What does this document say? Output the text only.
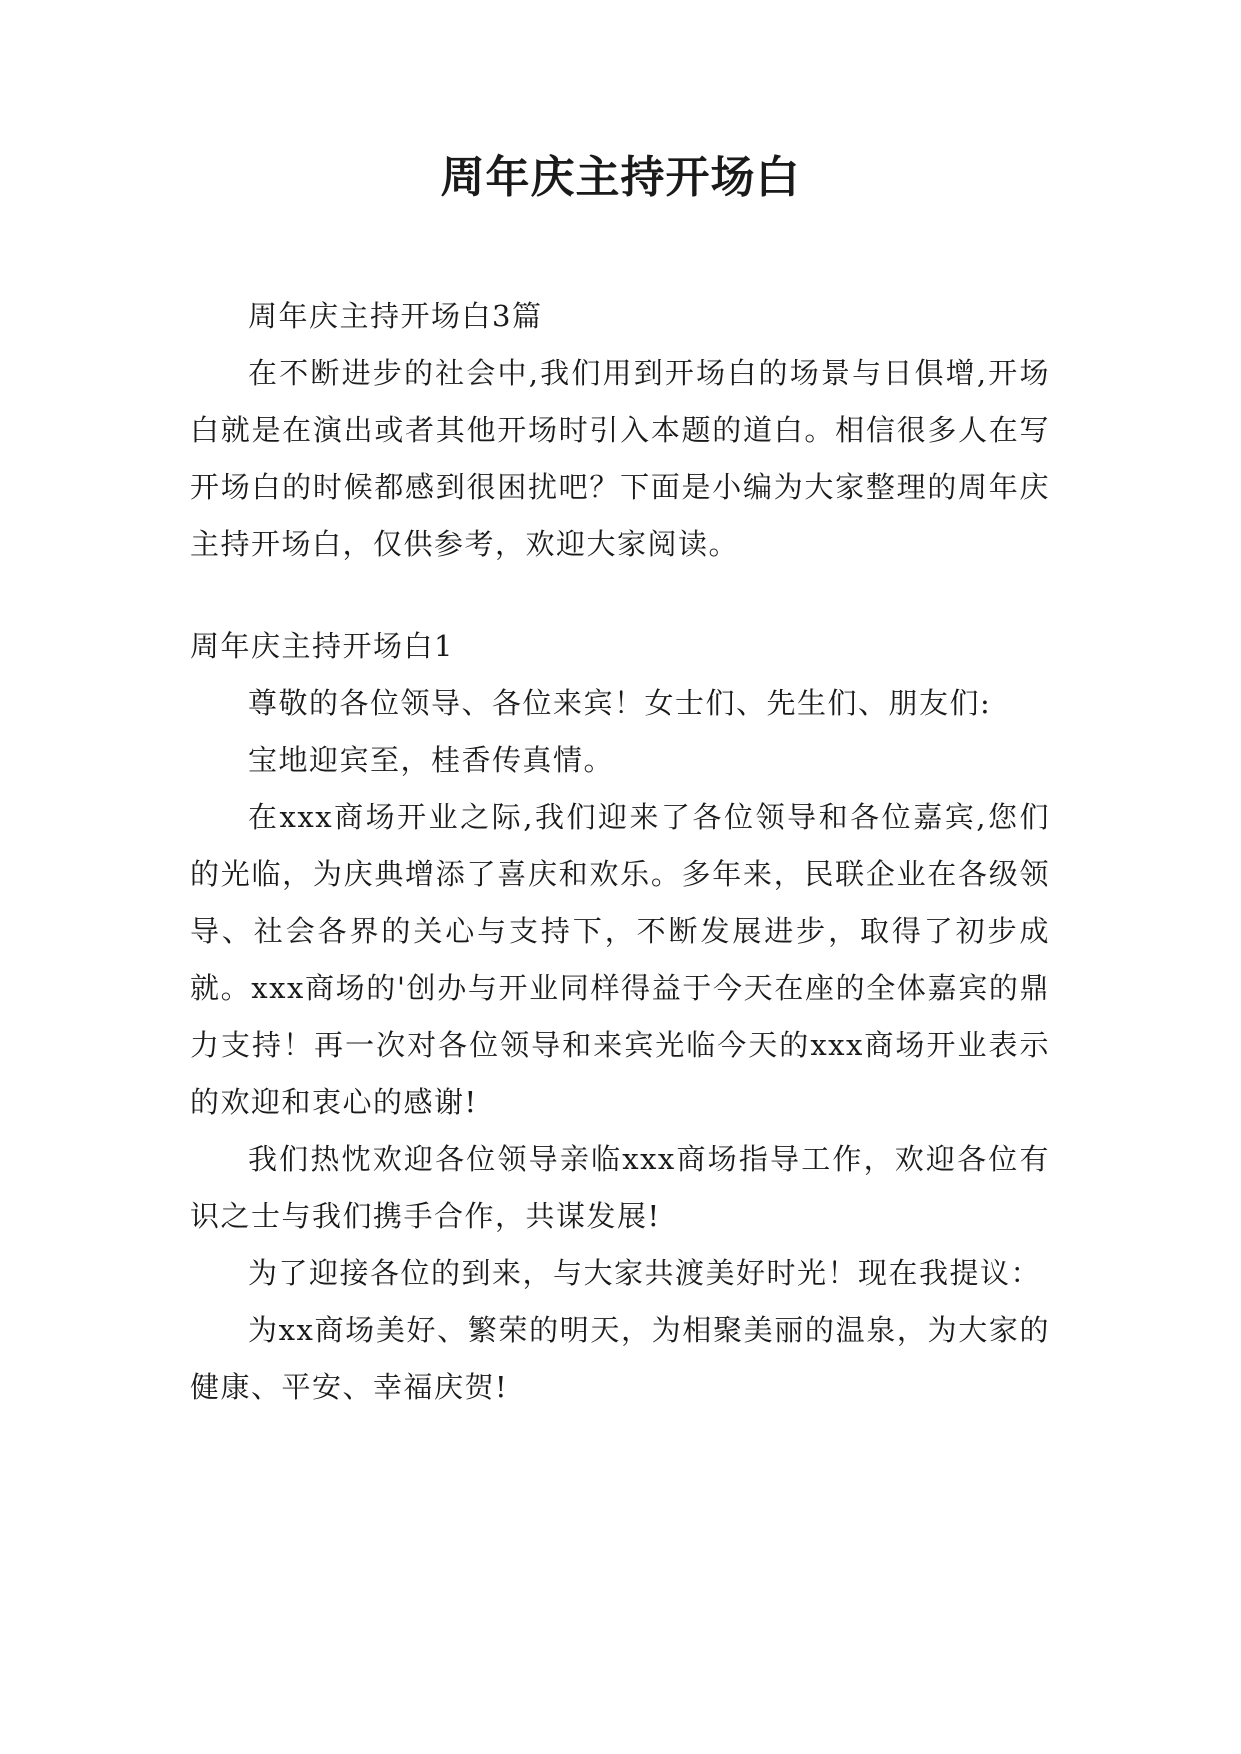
周年庆主持开场白

周年庆主持开场白3篇

在不断进步的社会中,我们用到开场白的场景与日俱增,开场白就是在演出或者其他开场时引入本题的道白。相信很多人在写开场白的时候都感到很困扰吧？下面是小编为大家整理的周年庆主持开场白，仅供参考，欢迎大家阅读。

周年庆主持开场白1

尊敬的各位领导、各位来宾！女士们、先生们、朋友们:

宝地迎宾至，桂香传真情。

在xxx商场开业之际,我们迎来了各位领导和各位嘉宾,您们的光临，为庆典增添了喜庆和欢乐。多年来，民联企业在各级领导、社会各界的关心与支持下，不断发展进步，取得了初步成就。xxx商场的'创办与开业同样得益于今天在座的全体嘉宾的鼎力支持！再一次对各位领导和来宾光临今天的xxx商场开业表示的欢迎和衷心的感谢!

我们热忱欢迎各位领导亲临xxx商场指导工作，欢迎各位有识之士与我们携手合作，共谋发展!

为了迎接各位的到来，与大家共渡美好时光！现在我提议：

为xx商场美好、繁荣的明天，为相聚美丽的温泉，为大家的健康、平安、幸福庆贺!
